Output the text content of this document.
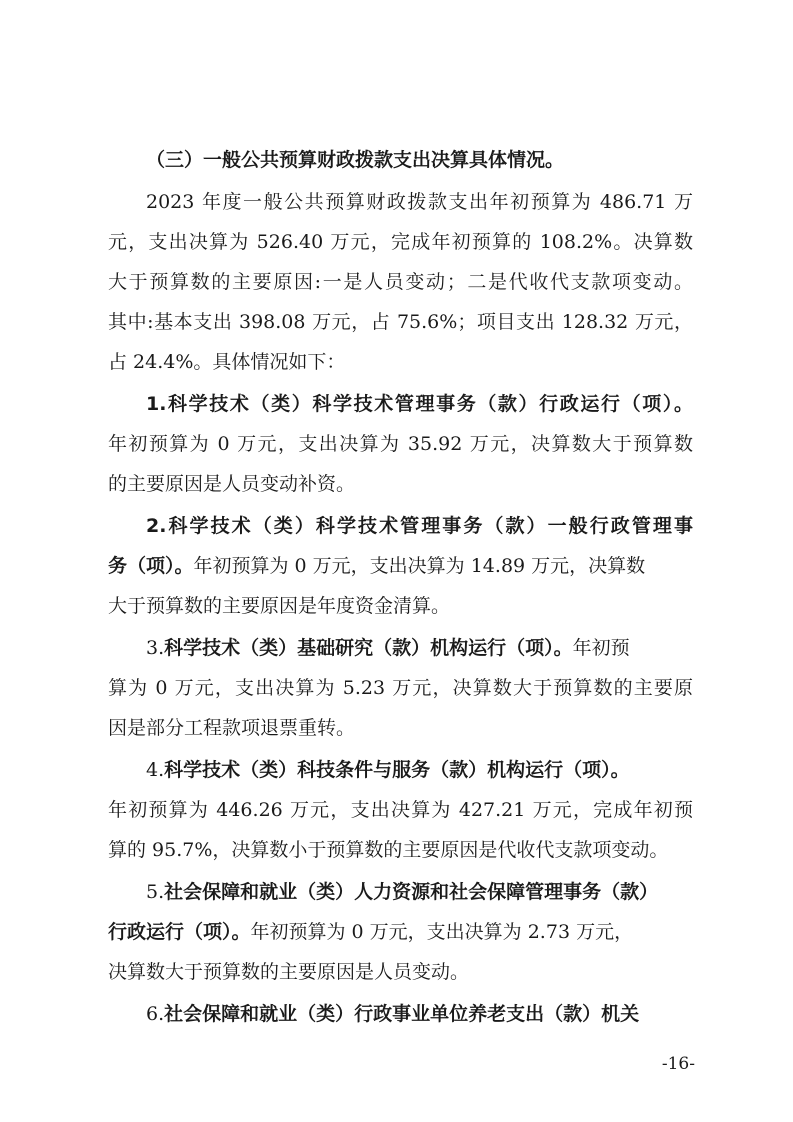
（三）一般公共预算财政拨款支出决算具体情况。
2023 年度一般公共预算财政拨款支出年初预算为 486.71 万
元，支出决算为 526.40 万元，完成年初预算的 108.2%。决算数
大于预算数的主要原因:一是人员变动；二是代收代支款项变动。
其中:基本支出 398.08 万元，占 75.6%；项目支出 128.32 万元，
占 24.4%。具体情况如下：
1.科学技术（类）科学技术管理事务（款）行政运行（项）。
年初预算为 0 万元，支出决算为 35.92 万元，决算数大于预算数
的主要原因是人员变动补资。
2.科学技术（类）科学技术管理事务（款）一般行政管理事
务（项）。年初预算为 0 万元，支出决算为 14.89 万元，决算数
大于预算数的主要原因是年度资金清算。
3.科学技术（类）基础研究（款）机构运行（项）。年初预
算为 0 万元，支出决算为 5.23 万元，决算数大于预算数的主要原
因是部分工程款项退票重转。
4.科学技术（类）科技条件与服务（款）机构运行（项）。
年初预算为 446.26 万元，支出决算为 427.21 万元，完成年初预
算的 95.7%，决算数小于预算数的主要原因是代收代支款项变动。
5.社会保障和就业（类）人力资源和社会保障管理事务（款）
行政运行（项）。年初预算为 0 万元，支出决算为 2.73 万元，
决算数大于预算数的主要原因是人员变动。
6.社会保障和就业（类）行政事业单位养老支出（款）机关
-16-
